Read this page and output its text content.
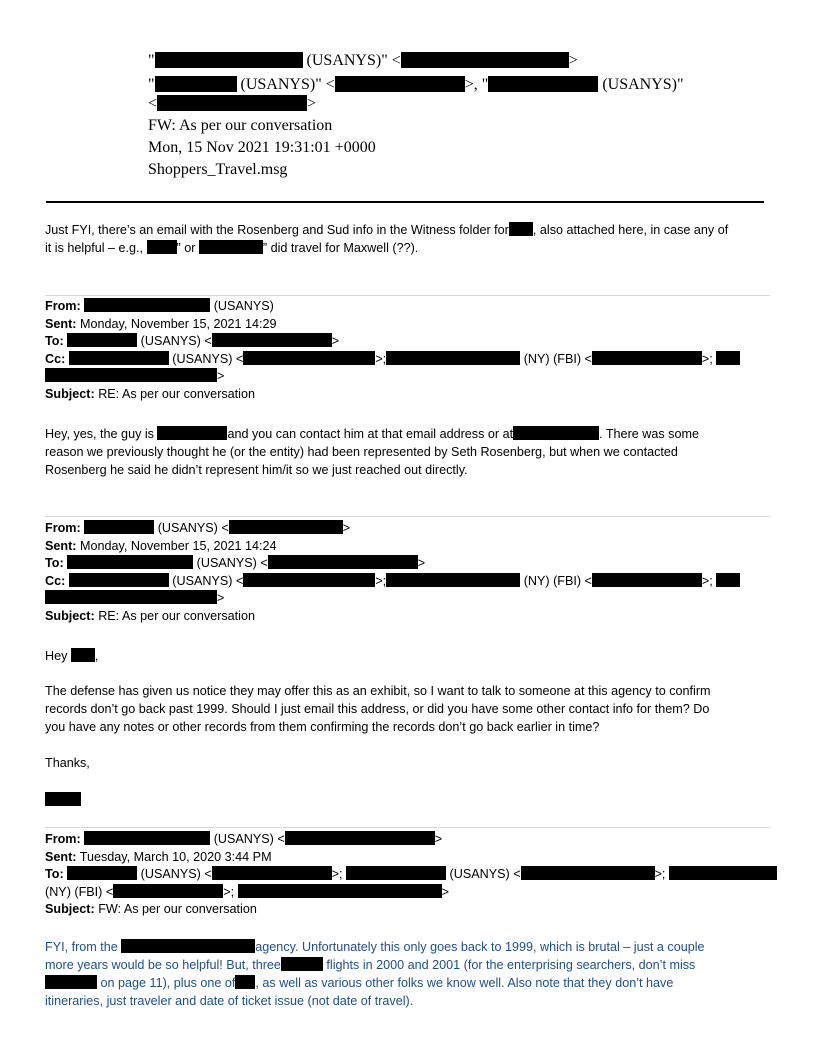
"	(USANYS)" <	>
"	(USANYS)" <	>, "	(USANYS)"
<	>
FW: As per our conversation
Mon, 15 Nov 2021 19:31:01 +0000
Shoppers_Travel.msg
Just FYI, there’s an email with the Rosenberg and Sud info in the Witness folder for , also attached here, in case any of
it is helpful – e.g., ” or	” did travel for Maxwell (??).
From:	(USANYS)
Sent: Monday, November 15, 2021 14:29
To:	(USANYS) <	>
Cc:	(USANYS) <	>;	(NY) (FBI) <	>;
>
Subject: RE: As per our conversation
Hey, yes, the guy is	and you can contact him at that email address or at	. There was some
reason we previously thought he (or the entity) had been represented by Seth Rosenberg, but when we contacted
Rosenberg he said he didn’t represent him/it so we just reached out directly.
From:	(USANYS) <	>
Sent: Monday, November 15, 2021 14:24
To:	(USANYS) <	>
Cc:	(USANYS) <	>;	(NY) (FBI) <	>;
>
Subject: RE: As per our conversation
Hey ,
The defense has given us notice they may offer this as an exhibit, so I want to talk to someone at this agency to confirm
records don’t go back past 1999. Should I just email this address, or did you have some other contact info for them? Do
you have any notes or other records from them confirming the records don’t go back earlier in time?
Thanks,
From:	(USANYS) <	>
Sent: Tuesday, March 10, 2020 3:44 PM
To:	(USANYS) <	>;	(USANYS) <	>;
(NY) (FBI) <	>;	>
Subject: FW: As per our conversation
FYI, from the	agency. Unfortunately this only goes back to 1999, which is brutal – just a couple
more years would be so helpful! But, three	flights in 2000 and 2001 (for the enterprising searchers, don’t miss
on page 11), plus one of , as well as various other folks we know well. Also note that they don’t have
itineraries, just traveler and date of ticket issue (not date of travel).
